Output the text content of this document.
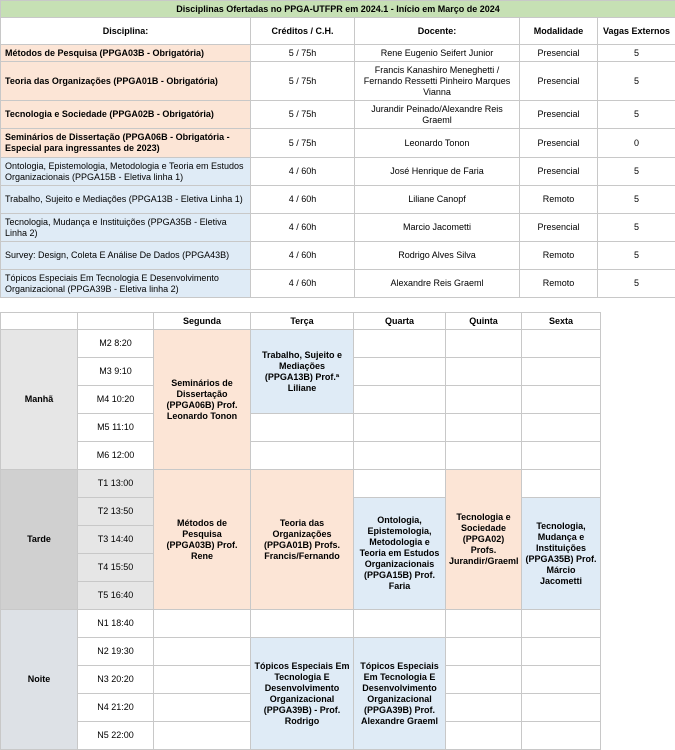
Disciplinas Ofertadas no PPGA-UTFPR em 2024.1 - Início em Março de 2024				
Disciplina:	Créditos / C.H.	Docente:	Modalidade	Vagas Externos
Métodos de Pesquisa (PPGA03B - Obrigatória)	5 / 75h	Rene Eugenio Seifert Junior	Presencial	5
Teoria das Organizações (PPGA01B - Obrigatória)	5 / 75h	Francis Kanashiro Meneghetti / Fernando Ressetti Pinheiro Marques Vianna	Presencial	5
Tecnologia e Sociedade (PPGA02B - Obrigatória)	5 / 75h	Jurandir Peinado/Alexandre Reis Graeml	Presencial	5
Seminários de Dissertação (PPGA06B - Obrigatória - Especial para ingressantes de 2023)	5 / 75h	Leonardo Tonon	Presencial	0
Ontologia, Epistemologia, Metodologia e Teoria em Estudos Organizacionais (PPGA15B - Eletiva linha 1)	4 / 60h	José Henrique de Faria	Presencial	5
Trabalho, Sujeito e Mediações (PPGA13B - Eletiva Linha 1)	4 / 60h	Liliane Canopf	Remoto	5
Tecnologia, Mudança e Instituições (PPGA35B - Eletiva Linha 2)	4 / 60h	Marcio Jacometti	Presencial	5
Survey: Design, Coleta E Análise De Dados (PPGA43B)	4 / 60h	Rodrigo Alves Silva	Remoto	5
Tópicos Especiais Em Tecnologia E Desenvolvimento Organizacional (PPGA39B - Eletiva linha 2)	4 / 60h	Alexandre Reis Graeml	Remoto	5
		Segunda	Terça	Quarta	Quinta	Sexta
Manhã	M2 8:20	Seminários de Dissertação (PPGA06B) Prof. Leonardo Tonon	Trabalho, Sujeito e Mediações (PPGA13B) Prof.ª Liliane			
	M3 9:10					
	M4 10:20					
	M5 11:10					
	M6 12:00					
Tarde	T1 13:00	Métodos de Pesquisa (PPGA03B) Prof. Rene	Teoria das Organizações (PPGA01B) Profs. Francis/Fernando		Tecnologia e Sociedade (PPGA02) Profs. Jurandir/Graeml	
	T2 13:50			Ontologia, Epistemologia, Metodologia e Teoria em Estudos Organizacionais (PPGA15B) Prof. Faria		Tecnologia, Mudança e Instituições (PPGA35B) Prof. Márcio Jacometti
	T3 14:40					
	T4 15:50					
	T5 16:40					
Noite	N1 18:40					
	N2 19:30		Tópicos Especiais Em Tecnologia E Desenvolvimento Organizacional (PPGA39B) - Prof. Rodrigo	Tópicos Especiais Em Tecnologia E Desenvolvimento Organizacional (PPGA39B) Prof. Alexandre Graeml		
	N3 20:20					
	N4 21:20					
	N5 22:00					
